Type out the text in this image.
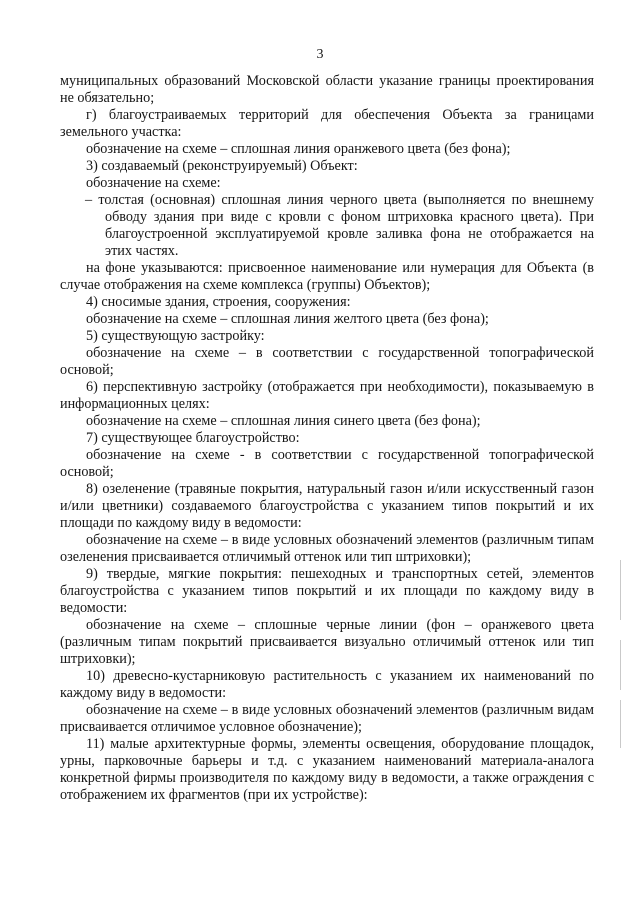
3

муниципальных образований Московской области указание границы проектирования не обязательно;

г) благоустраиваемых территорий для обеспечения Объекта за границами земельного участка:

обозначение на схеме – сплошная линия оранжевого цвета (без фона);

3) создаваемый (реконструируемый) Объект:

обозначение на схеме:

– толстая (основная) сплошная линия черного цвета (выполняется по внешнему обводу здания при виде с кровли с фоном штриховка красного цвета). При благоустроенной эксплуатируемой кровле заливка фона не отображается на этих частях.

на фоне указываются: присвоенное наименование или нумерация для Объекта (в случае отображения на схеме комплекса (группы) Объектов);

4) сносимые здания, строения, сооружения:

обозначение на схеме – сплошная линия желтого цвета (без фона);

5) существующую застройку:

обозначение на схеме – в соответствии с государственной топографической основой;

6) перспективную застройку (отображается при необходимости), показываемую в информационных целях:

обозначение на схеме – сплошная линия синего цвета (без фона);

7) существующее благоустройство:

обозначение на схеме - в соответствии с государственной топографической основой;

8) озеленение (травяные покрытия, натуральный газон и/или искусственный газон и/или цветники) создаваемого благоустройства с указанием типов покрытий и их площади по каждому виду в ведомости:

обозначение на схеме – в виде условных обозначений элементов (различным типам озеленения присваивается отличимый оттенок или тип штриховки);

9) твердые, мягкие покрытия: пешеходных и транспортных сетей, элементов благоустройства с указанием типов покрытий и их площади по каждому виду в ведомости:

обозначение на схеме – сплошные черные линии (фон – оранжевого цвета (различным типам покрытий присваивается визуально отличимый оттенок или тип штриховки);

10) древесно-кустарниковую растительность с указанием их наименований по каждому виду в ведомости:

обозначение на схеме – в виде условных обозначений элементов (различным видам присваивается отличимое условное обозначение);

11) малые архитектурные формы, элементы освещения, оборудование площадок, урны, парковочные барьеры и т.д. с указанием наименований материала-аналога конкретной фирмы производителя по каждому виду в ведомости, а также ограждения с отображением их фрагментов (при их устройстве):
